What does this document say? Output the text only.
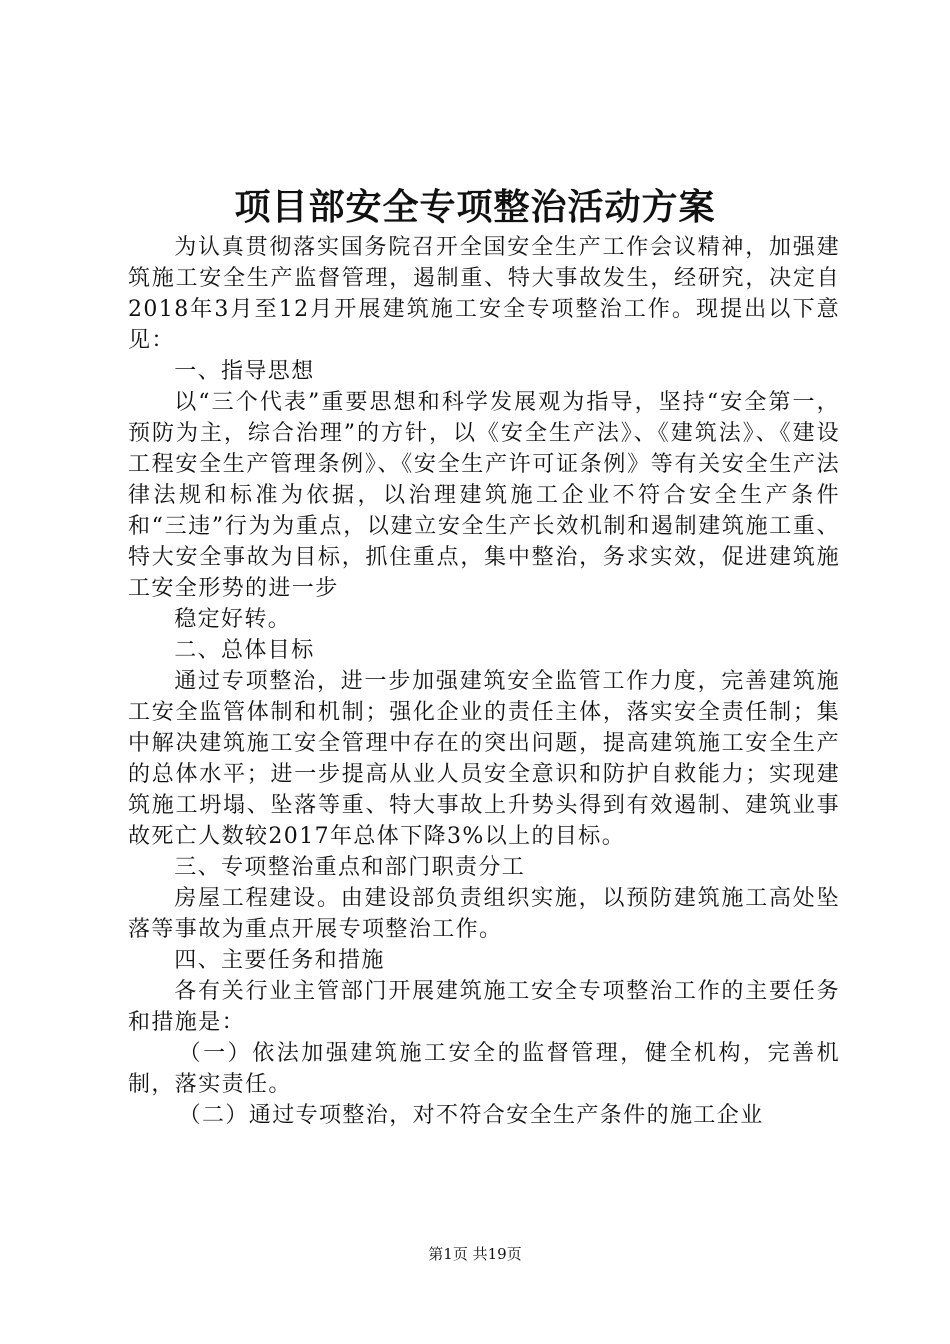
项目部安全专项整治活动方案

为认真贯彻落实国务院召开全国安全生产工作会议精神，加强建筑施工安全生产监督管理，遏制重、特大事故发生，经研究，决定自2018年3月至12月开展建筑施工安全专项整治工作。现提出以下意见：

一、指导思想

以“三个代表”重要思想和科学发展观为指导，坚持“安全第一，预防为主，综合治理”的方针，以《安全生产法》、《建筑法》、《建设工程安全生产管理条例》、《安全生产许可证条例》等有关安全生产法律法规和标准为依据，以治理建筑施工企业不符合安全生产条件和“三违”行为为重点，以建立安全生产长效机制和遏制建筑施工重、特大安全事故为目标，抓住重点，集中整治，务求实效，促进建筑施工安全形势的进一步

稳定好转。

二、总体目标

通过专项整治，进一步加强建筑安全监管工作力度，完善建筑施工安全监管体制和机制；强化企业的责任主体，落实安全责任制；集中解决建筑施工安全管理中存在的突出问题，提高建筑施工安全生产的总体水平；进一步提高从业人员安全意识和防护自救能力；实现建筑施工坍塌、坠落等重、特大事故上升势头得到有效遏制、建筑业事故死亡人数较2017年总体下降3%以上的目标。

三、专项整治重点和部门职责分工

房屋工程建设。由建设部负责组织实施，以预防建筑施工高处坠落等事故为重点开展专项整治工作。

四、主要任务和措施

各有关行业主管部门开展建筑施工安全专项整治工作的主要任务和措施是：

（一）依法加强建筑施工安全的监督管理，健全机构，完善机制，落实责任。

（二）通过专项整治，对不符合安全生产条件的施工企业

第1页 共19页
